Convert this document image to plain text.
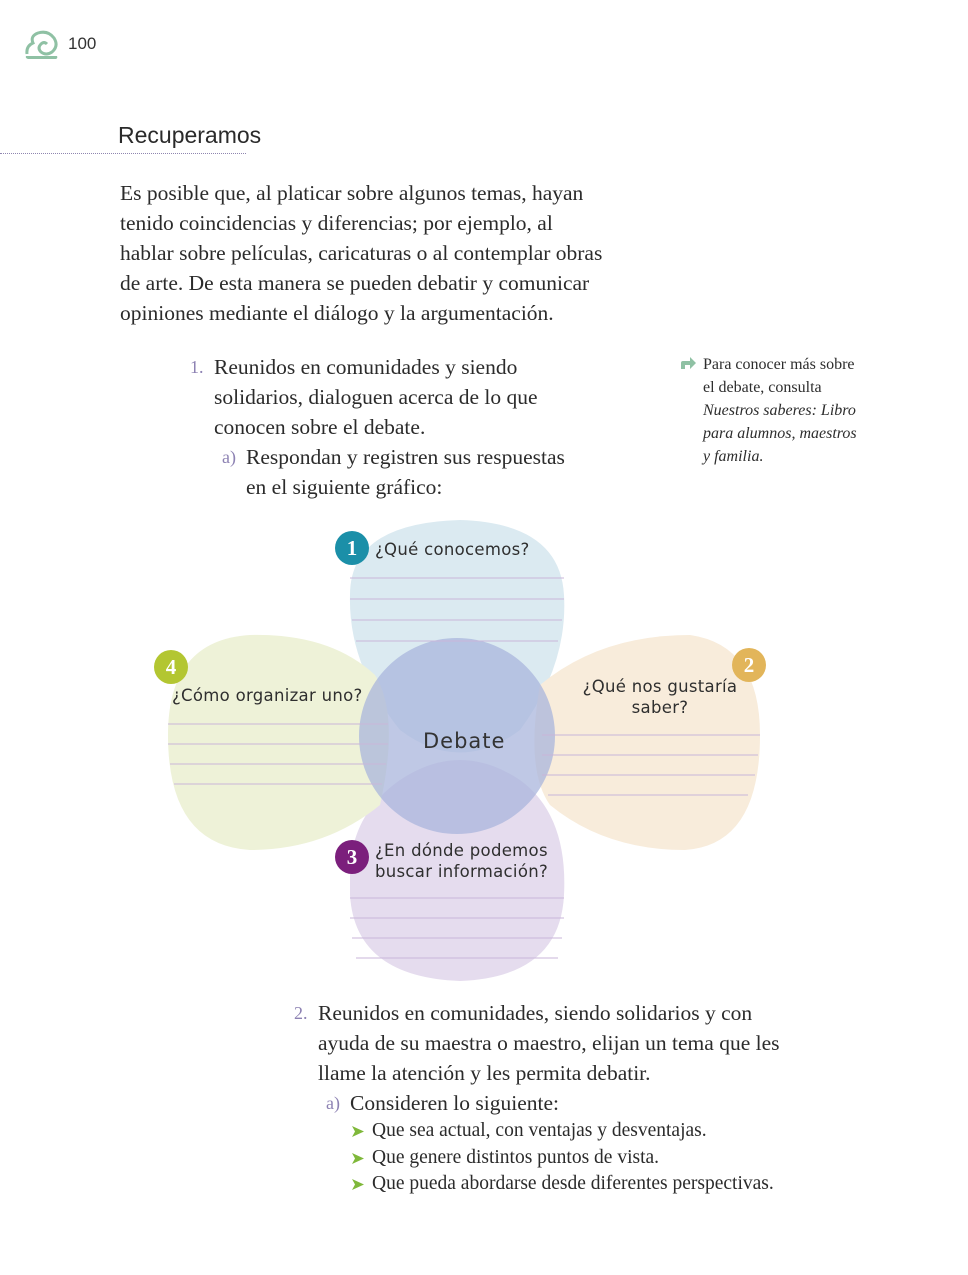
100
Recuperamos
Es posible que, al platicar sobre algunos temas, hayan
tenido coincidencias y diferencias; por ejemplo, al
hablar sobre películas, caricaturas o al contemplar obras
de arte. De esta manera se pueden debatir y comunicar
opiniones mediante el diálogo y la argumentación.
1. Reunidos en comunidades y siendo
solidarios, dialoguen acerca de lo que
conocen sobre el debate.
a) Respondan y registren sus respuestas
en el siguiente gráfico:
Para conocer más sobre
el debate, consulta
Nuestros saberes: Libro
para alumnos, maestros
y familia.
1	¿Qué conocemos?
2
¿Qué nos gustaría
saber?
3	¿En dónde podemos
buscar información?
4
¿Cómo organizar uno?
Debate
2. Reunidos en comunidades, siendo solidarios y con
ayuda de su maestra o maestro, elijan un tema que les
llame la atención y les permita debatir.
a) Consideren lo siguiente:
Que sea actual, con ventajas y desventajas.
Que genere distintos puntos de vista.
Que pueda abordarse desde diferentes perspectivas.
